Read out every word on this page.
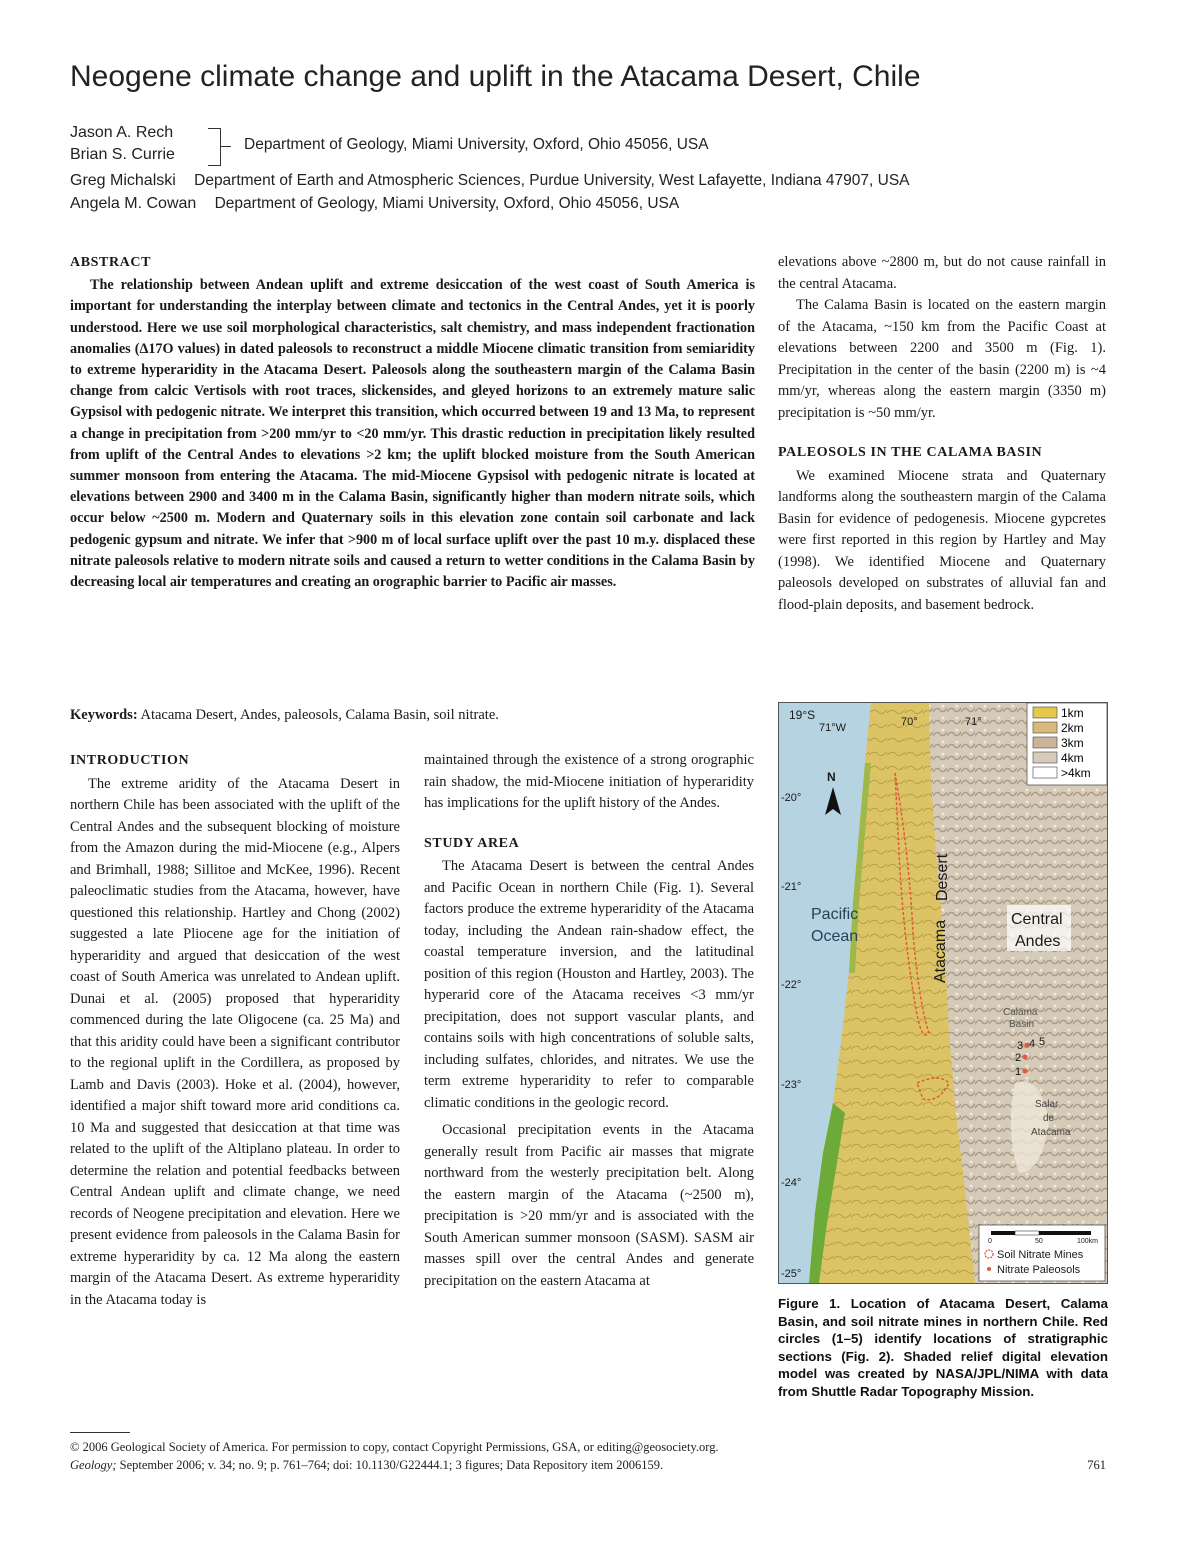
Neogene climate change and uplift in the Atacama Desert, Chile
Jason A. Rech
Brian S. Currie
Department of Geology, Miami University, Oxford, Ohio 45056, USA
Greg Michalski Department of Earth and Atmospheric Sciences, Purdue University, West Lafayette, Indiana 47907, USA
Angela M. Cowan Department of Geology, Miami University, Oxford, Ohio 45056, USA
ABSTRACT

The relationship between Andean uplift and extreme desiccation of the west coast of South America is important for understanding the interplay between climate and tectonics in the Central Andes, yet it is poorly understood. Here we use soil morphological characteristics, salt chemistry, and mass independent fractionation anomalies (Δ17O values) in dated paleosols to reconstruct a middle Miocene climatic transition from semiaridity to extreme hyperaridity in the Atacama Desert. Paleosols along the southeastern margin of the Calama Basin change from calcic Vertisols with root traces, slickensides, and gleyed horizons to an extremely mature salic Gypsisol with pedogenic nitrate. We interpret this transition, which occurred between 19 and 13 Ma, to represent a change in precipitation from >200 mm/yr to <20 mm/yr. This drastic reduction in precipitation likely resulted from uplift of the Central Andes to elevations >2 km; the uplift blocked moisture from the South American summer monsoon from entering the Atacama. The mid-Miocene Gypsisol with pedogenic nitrate is located at elevations between 2900 and 3400 m in the Calama Basin, significantly higher than modern nitrate soils, which occur below ~2500 m. Modern and Quaternary soils in this elevation zone contain soil carbonate and lack pedogenic gypsum and nitrate. We infer that >900 m of local surface uplift over the past 10 m.y. displaced these nitrate paleosols relative to modern nitrate soils and caused a return to wetter conditions in the Calama Basin by decreasing local air temperatures and creating an orographic barrier to Pacific air masses.

Keywords: Atacama Desert, Andes, paleosols, Calama Basin, soil nitrate.
INTRODUCTION

The extreme aridity of the Atacama Desert in northern Chile has been associated with the uplift of the Central Andes and the subsequent blocking of moisture from the Amazon during the mid-Miocene (e.g., Alpers and Brimhall, 1988; Sillitoe and McKee, 1996). Recent paleoclimatic studies from the Atacama, however, have questioned this relationship. Hartley and Chong (2002) suggested a late Pliocene age for the initiation of hyperaridity and argued that desiccation of the west coast of South America was unrelated to Andean uplift. Dunai et al. (2005) proposed that hyperaridity commenced during the late Oligocene (ca. 25 Ma) and that this aridity could have been a significant contributor to the regional uplift in the Cordillera, as proposed by Lamb and Davis (2003). Hoke et al. (2004), however, identified a major shift toward more arid conditions ca. 10 Ma and suggested that desiccation at that time was related to the uplift of the Altiplano plateau. In order to determine the relation and potential feedbacks between Central Andean uplift and climate change, we need records of Neogene precipitation and elevation. Here we present evidence from paleosols in the Calama Basin for extreme hyperaridity by ca. 12 Ma along the eastern margin of the Atacama Desert. As extreme hyperaridity in the Atacama today is

maintained through the existence of a strong orographic rain shadow, the mid-Miocene initiation of hyperaridity has implications for the uplift history of the Andes.

STUDY AREA

The Atacama Desert is between the central Andes and Pacific Ocean in northern Chile (Fig. 1). Several factors produce the extreme hyperaridity of the Atacama today, including the Andean rain-shadow effect, the coastal temperature inversion, and the latitudinal position of this region (Houston and Hartley, 2003). The hyperarid core of the Atacama receives <3 mm/yr precipitation, does not support vascular plants, and contains soils with high concentrations of soluble salts, including sulfates, chlorides, and nitrates. We use the term extreme hyperaridity to refer to comparable climatic conditions in the geologic record.

Occasional precipitation events in the Atacama generally result from Pacific air masses that migrate northward from the westerly precipitation belt. Along the eastern margin of the Atacama (~2500 m), precipitation is >20 mm/yr and is associated with the South American summer monsoon (SASM). SASM air masses spill over the central Andes and generate precipitation on the eastern Atacama at

elevations above ~2800 m, but do not cause rainfall in the central Atacama.

The Calama Basin is located on the eastern margin of the Atacama, ~150 km from the Pacific Coast at elevations between 2200 and 3500 m (Fig. 1). Precipitation in the center of the basin (2200 m) is ~4 mm/yr, whereas along the eastern margin (3350 m) precipitation is ~50 mm/yr.

PALEOSOLS IN THE CALAMA BASIN

We examined Miocene strata and Quaternary landforms along the southeastern margin of the Calama Basin for evidence of pedogenesis. Miocene gypcretes were first reported in this region by Hartley and May (1998). We identified Miocene and Quaternary paleosols developed on substrates of alluvial fan and flood-plain deposits, and basement bedrock.

1km
2km
3km
4km
>4km
19°S
71°W	70°	71°
-20°
-21°
-22°
-23°
-24°
-25°
N
Pacific
Ocean	Atacama
Desert
Central
Andes
Calama
Basin
3 4 5
2
1
Salar
de
Atacama
0	50	100km
Soil Nitrate Mines
Nitrate Paleosols
Figure 1. Location of Atacama Desert, Calama Basin, and soil nitrate mines in northern Chile. Red circles (1–5) identify locations of stratigraphic sections (Fig. 2). Shaded relief digital elevation model was created by NASA/JPL/NIMA with data from Shuttle Radar Topography Mission.
© 2006 Geological Society of America. For permission to copy, contact Copyright Permissions, GSA, or editing@geosociety.org.
Geology; September 2006; v. 34; no. 9; p. 761–764; doi: 10.1130/G22444.1; 3 figures; Data Repository item 2006159.	761
